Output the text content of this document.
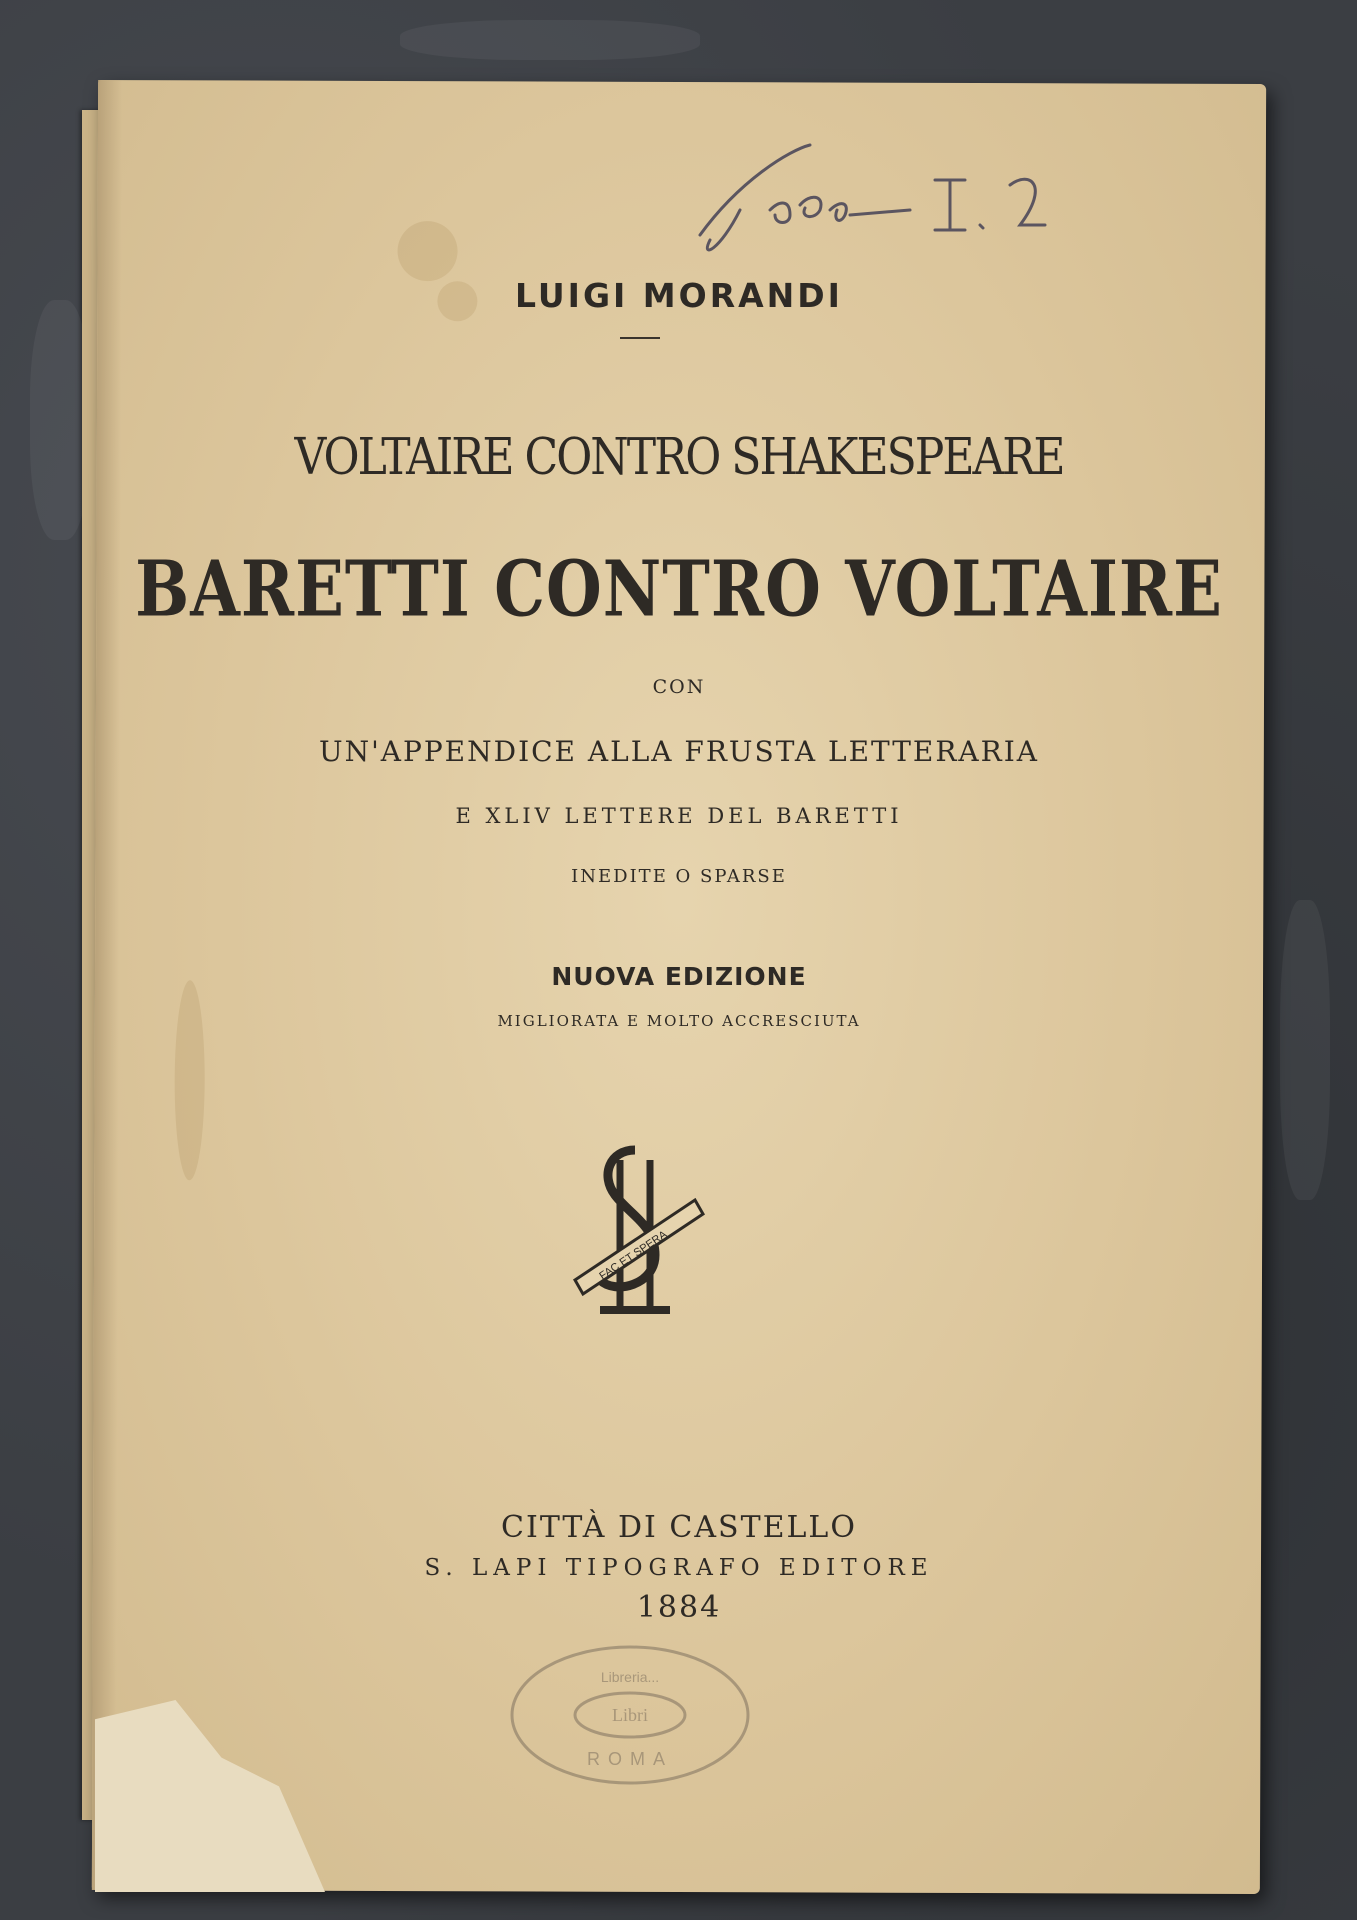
LUIGI MORANDI
VOLTAIRE CONTRO SHAKESPEARE
BARETTI CONTRO VOLTAIRE
CON
UN'APPENDICE ALLA FRUSTA LETTERARIA
E XLIV LETTERE DEL BARETTI
INEDITE O SPARSE
NUOVA EDIZIONE
MIGLIORATA E MOLTO ACCRESCIUTA
FAC ET SPERA
CITTÀ DI CASTELLO
S. LAPI TIPOGRAFO EDITORE
1884
Libreria...
Libri
ROMA
